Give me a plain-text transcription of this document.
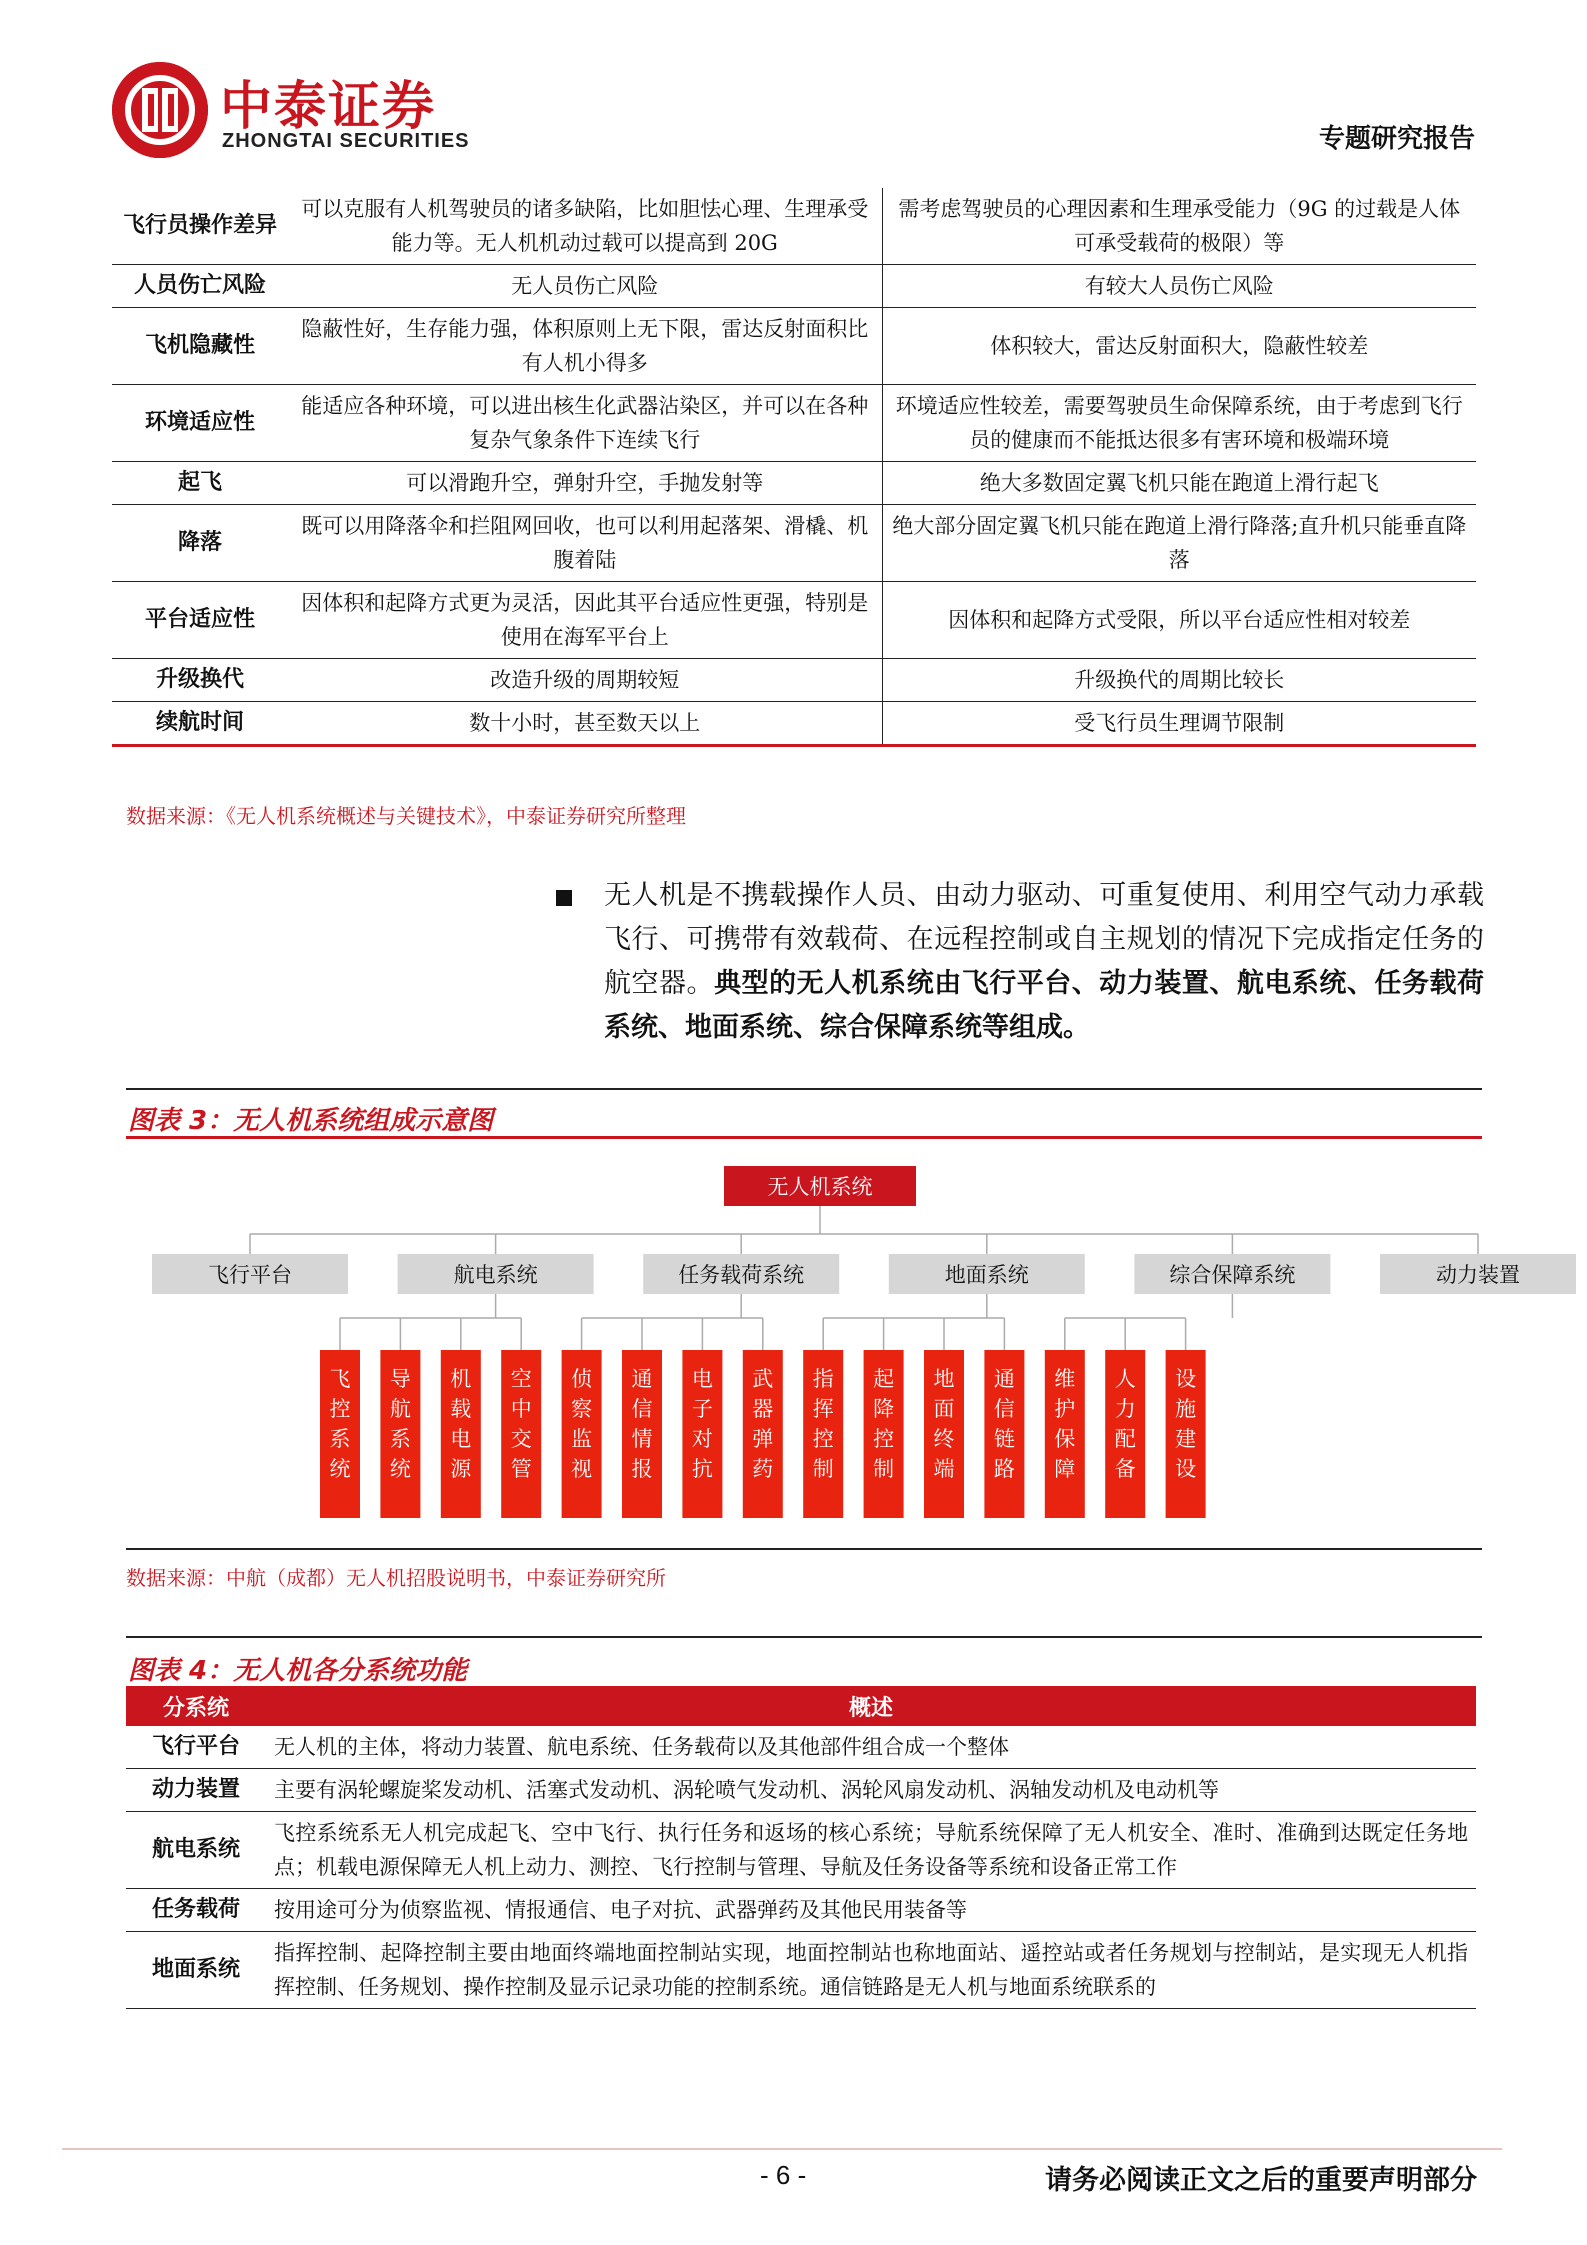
中泰证券
ZHONGTAI SECURITIES	专题研究报告
飞行员操作差异	可以克服有人机驾驶员的诸多缺陷，比如胆怯心理、生理承受能力等。无人机机动过载可以提高到 20G	需考虑驾驶员的心理因素和生理承受能力（9G 的过载是人体可承受载荷的极限）等
人员伤亡风险	无人员伤亡风险	有较大人员伤亡风险
飞机隐藏性	隐蔽性好，生存能力强，体积原则上无下限，雷达反射面积比有人机小得多	体积较大，雷达反射面积大，隐蔽性较差
环境适应性	能适应各种环境，可以进出核生化武器沾染区，并可以在各种复杂气象条件下连续飞行	环境适应性较差，需要驾驶员生命保障系统，由于考虑到飞行员的健康而不能抵达很多有害环境和极端环境
起飞	可以滑跑升空，弹射升空，手抛发射等	绝大多数固定翼飞机只能在跑道上滑行起飞
降落	既可以用降落伞和拦阻网回收，也可以利用起落架、滑橇、机腹着陆	绝大部分固定翼飞机只能在跑道上滑行降落;直升机只能垂直降落
平台适应性	因体积和起降方式更为灵活，因此其平台适应性更强，特别是使用在海军平台上	因体积和起降方式受限，所以平台适应性相对较差
升级换代	改造升级的周期较短	升级换代的周期比较长
续航时间	数十小时，甚至数天以上	受飞行员生理调节限制
数据来源：《无人机系统概述与关键技术》，中泰证券研究所整理
无人机是不携载操作人员、由动力驱动、可重复使用、利用空气动力承载飞行、可携带有效载荷、在远程控制或自主规划的情况下完成指定任务的航空器。典型的无人机系统由飞行平台、动力装置、航电系统、任务载荷系统、地面系统、综合保障系统等组成。
图表 3：无人机系统组成示意图
无人机系统
飞行平台	航电系统	任务载荷系统	地面系统	综合保障系统	动力装置
飞控系统
导航系统
机载电源
空中交管
侦察监视
通信情报
电子对抗
武器弹药
指挥控制
起降控制
地面终端
通信链路
维护保障
人力配备
设施建设
数据来源：中航（成都）无人机招股说明书，中泰证券研究所
图表 4：无人机各分系统功能
分系统	概述
飞行平台	无人机的主体，将动力装置、航电系统、任务载荷以及其他部件组合成一个整体
动力装置	主要有涡轮螺旋桨发动机、活塞式发动机、涡轮喷气发动机、涡轮风扇发动机、涡轴发动机及电动机等
航电系统	飞控系统系无人机完成起飞、空中飞行、执行任务和返场的核心系统；导航系统保障了无人机安全、准时、准确到达既定任务地点；机载电源保障无人机上动力、测控、飞行控制与管理、导航及任务设备等系统和设备正常工作
任务载荷	按用途可分为侦察监视、情报通信、电子对抗、武器弹药及其他民用装备等
地面系统	指挥控制、起降控制主要由地面终端地面控制站实现，地面控制站也称地面站、遥控站或者任务规划与控制站，是实现无人机指挥控制、任务规划、操作控制及显示记录功能的控制系统。通信链路是无人机与地面系统联系的
- 6 -	请务必阅读正文之后的重要声明部分
